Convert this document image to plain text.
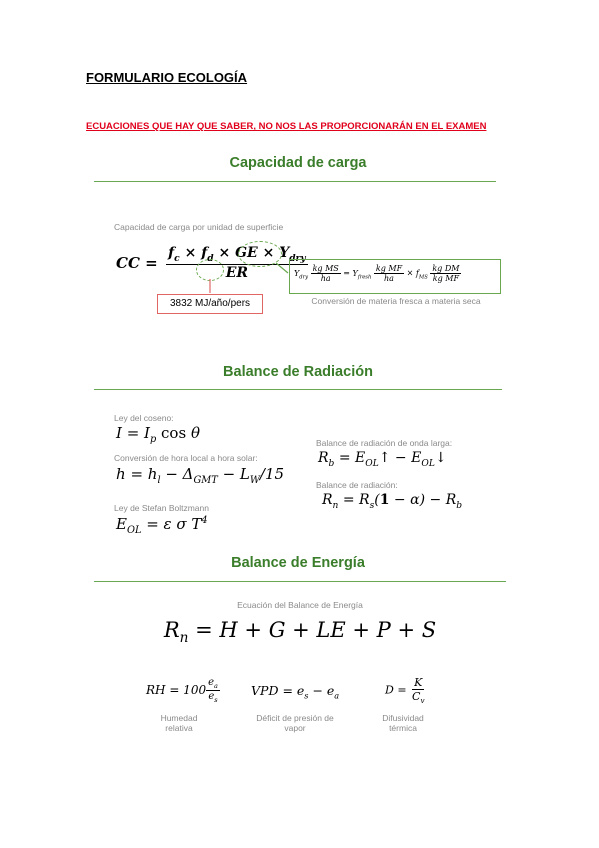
FORMULARIO ECOLOGÍA
ECUACIONES QUE HAY QUE SABER, NO NOS LAS PROPORCIONARÁN EN EL EXAMEN
Capacidad de carga
Capacidad de carga por unidad de superficie
CC = $\frac{f_c \times f_d \times GE \times Y_{dry}}{ER}$
3832 MJ/año/pers
$Y_{dry} \frac{\text{kg MS}}{ha} = Y_{fresh} \frac{\text{kg MF}}{ha} \times f_{MS} \frac{\text{kg DM}}{\text{kg MF}}$
Conversión de materia fresca a materia seca
Balance de Radiación
Ley del coseno:
$I = I_p$ cos θ
Conversión de hora local a hora solar:
$h = h_l - \Delta_{GMT} - L_W/15$
Ley de Stefan Boltzmann
$E_{OL} = \varepsilon$ σ $T^4$
Balance de radiación de onda larga:
$R_b$ = $E_{OL}↑$ − $E_{OL}↓$
Balance de radiación:
$R_n = R_s(1 - \alpha) - R_b$
Balance de Energía
Ecuación del Balance de Energía
$R_n = H + G$ + LE + P + S
RH = $100 \frac{e_a}{e_s}$
Humedad relativa
VPD = $e_s - e_a$
Déficit de presión de vapor
$D = \frac{K}{C_v}$
Difusividad térmica
